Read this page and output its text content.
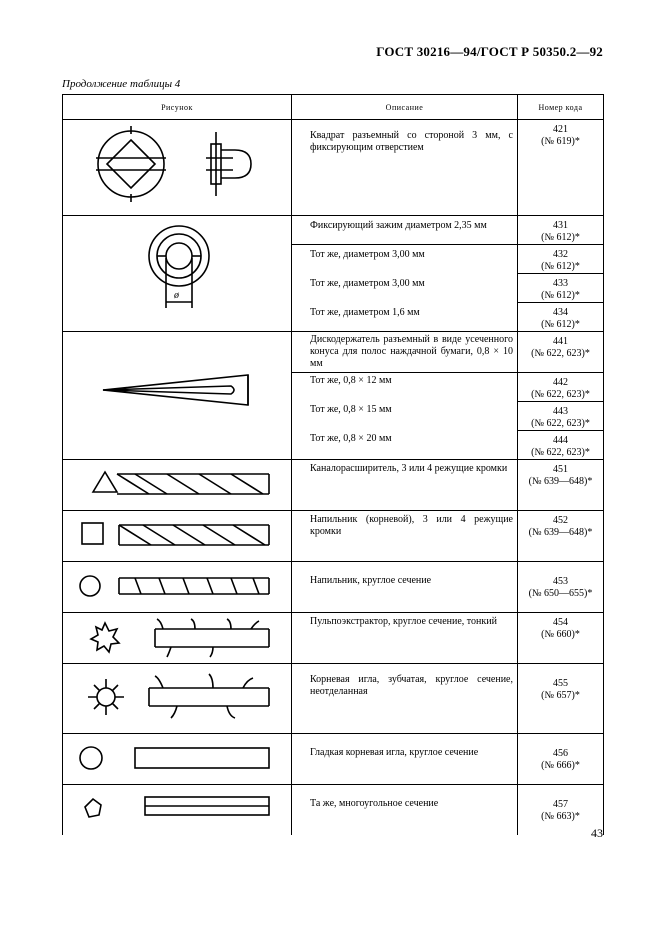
ГОСТ 30216—94/ГОСТ Р 50350.2—92
Продолжение таблицы 4
Рисунок	Описание	Номер кода

Квадрат разъемный со стороной 3 мм, с фиксирующим отверстием	421
(№ 619)*

ø	Фиксирующий зажим диаметром 2,35 мм	431
(№ 612)*

	Тот же, диаметром 3,00 мм	432
(№ 612)*

	Тот же, диаметром 3,00 мм	433
(№ 612)*

	Тот же, диаметром 1,6 мм	434
(№ 612)*

Дискодержатель разъемный в виде усеченного конуса для полос наждачной бумаги, 0,8 × 10 мм	441
(№ 622, 623)*

	Тот же, 0,8 × 12 мм	442
(№ 622, 623)*

	Тот же, 0,8 × 15 мм	443
(№ 622, 623)*

	Тот же, 0,8 × 20 мм	444
(№ 622, 623)*

Каналорасширитель, 3 или 4 режущие кромки	451
(№ 639—648)*

Напильник (корневой), 3 или 4 режущие кромки	452
(№ 639—648)*

Напильник, круглое сечение	453
(№ 650—655)*

Пульпоэкстрактор, круглое сечение, тонкий	454
(№ 660)*

Корневая игла, зубчатая, круглое сечение, неотделанная	455
(№ 657)*

Гладкая корневая игла, круглое сечение	456
(№ 666)*

Та же, многоугольное сечение	457
(№ 663)*
43
